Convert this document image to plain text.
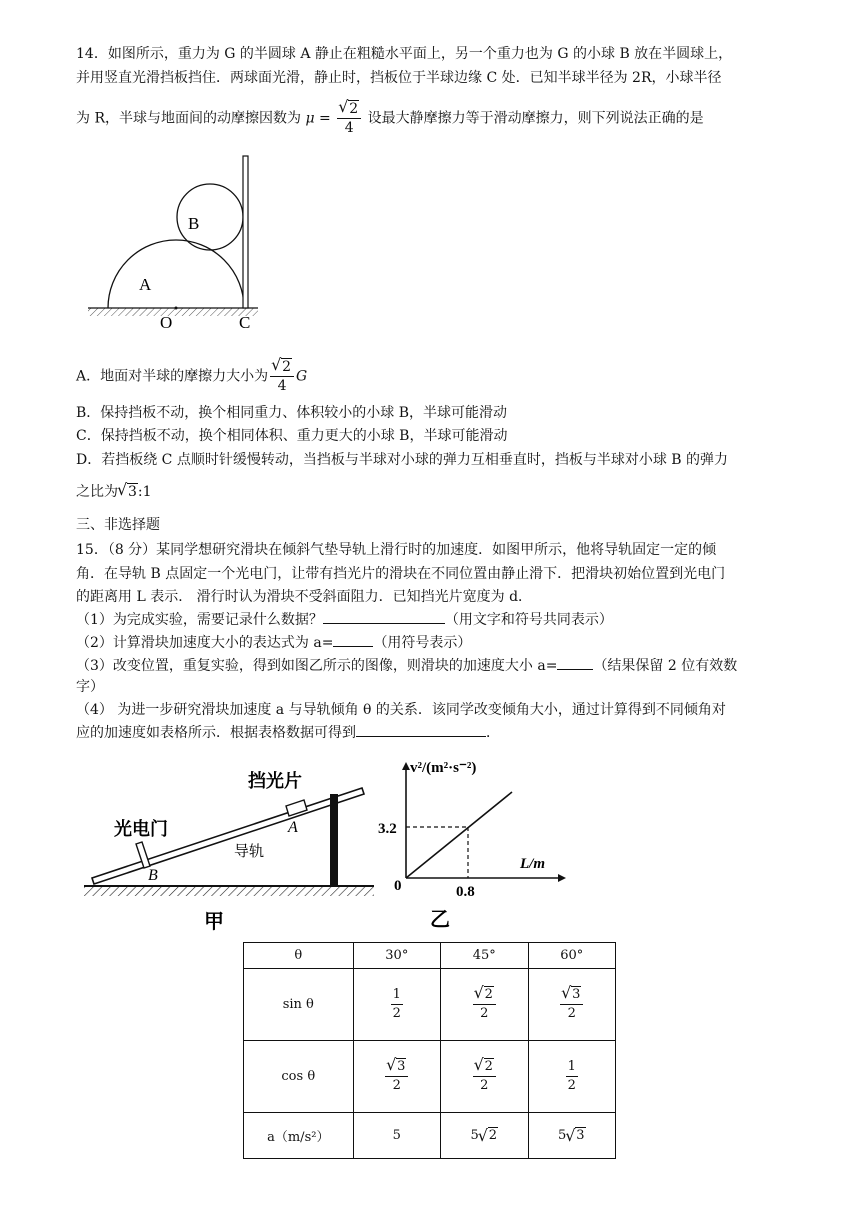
14．如图所示，重力为 G 的半圆球 A 静止在粗糙水平面上，另一个重力也为 G 的小球 B 放在半圆球上，
并用竖直光滑挡板挡住．两球面光滑，静止时，挡板位于半球边缘 C 处．已知半球半径为 2R，小球半径
为 R，半球与地面间的动摩擦因数为 μ = √ $\frac{2}{4}$ 设最大静摩擦力等于滑动摩擦力，则下列说法正确的是
B
A
O	C
A．地面对半球的摩擦力大小为 √ $\frac{2}{4}$ G
B．保持挡板不动，换个相同重力、体积较小的小球 B，半球可能滑动
C．保持挡板不动，换个相同体积、重力更大的小球 B，半球可能滑动
D．若挡板绕 C 点顺时针缓慢转动，当挡板与半球对小球的弹力互相垂直时，挡板与半球对小球 B 的弹力
之比为 √ 3:1
三、非选择题
15．（8 分）某同学想研究滑块在倾斜气垫导轨上滑行时的加速度．如图甲所示，他将导轨固定一定的倾
角．在导轨 B 点固定一个光电门，让带有挡光片的滑块在不同位置由静止滑下．把滑块初始位置到光电门
的距离用 L 表示． 滑行时认为滑块不受斜面阻力．已知挡光片宽度为 d．
（1）为完成实验，需要记录什么数据？	（用文字和符号共同表示）
（2）计算滑块加速度大小的表达式为 a=	（用符号表示）
（3）改变位置，重复实验，得到如图乙所示的图像，则滑块的加速度大小 a=	（结果保留 2 位有效数
字）
（4） 为进一步研究滑块加速度 a 与导轨倾角 θ 的关系．该同学改变倾角大小，通过计算得到不同倾角对
应的加速度如表格所示．根据表格数据可得到	．
挡光片
光电门
导轨
A
B
甲
v²/(m²·s⁻²)
L/m
0
3.2
0.8
乙
θ	30°	45°	60°
sin θ	$\frac{1}{2}$	√ $\frac{2}{2}$	√ $\frac{3}{2}$

cos θ	√ $\frac{3}{2}$	√ $\frac{2}{2}$	$\frac{1}{2}$

a（m/s²）	5	5 √ 2	5 √ 3
